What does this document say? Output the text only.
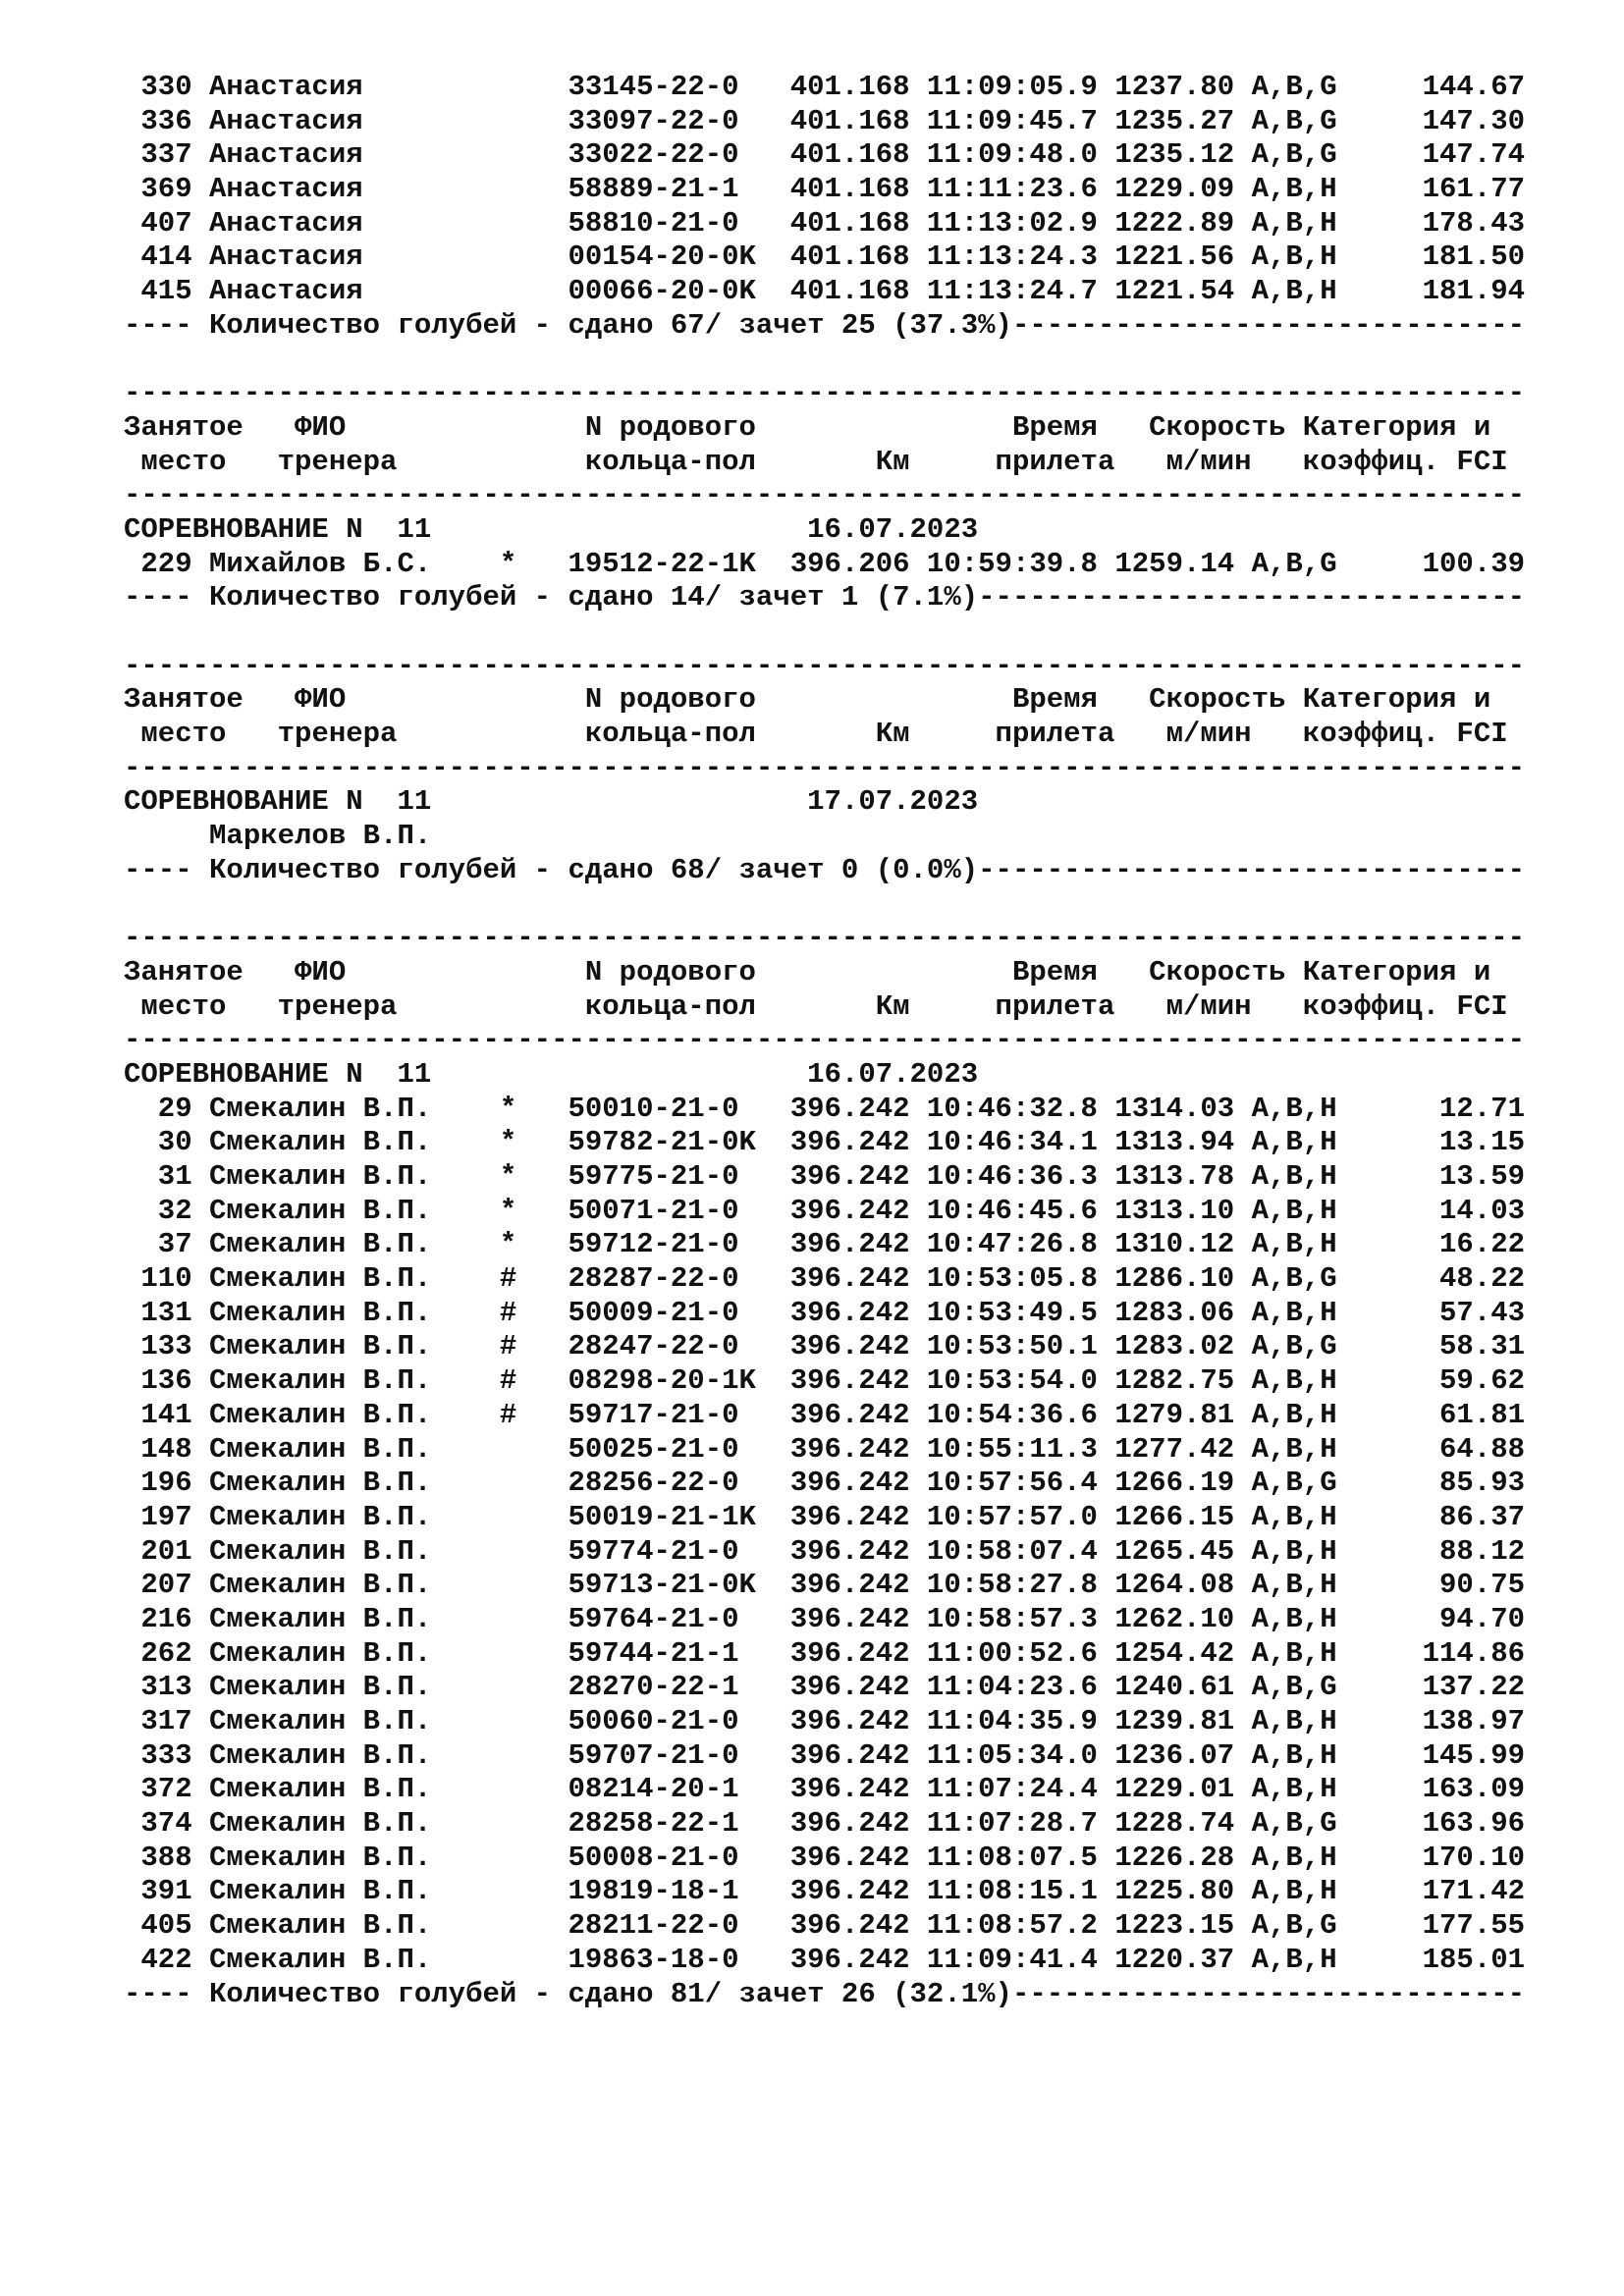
330 Анастасия            33145-22-0   401.168 11:09:05.9 1237.80 A,B,G     144.67
336 Анастасия            33097-22-0   401.168 11:09:45.7 1235.27 A,B,G     147.30
337 Анастасия            33022-22-0   401.168 11:09:48.0 1235.12 A,B,G     147.74
369 Анастасия            58889-21-1   401.168 11:11:23.6 1229.09 A,B,H     161.77
407 Анастасия            58810-21-0   401.168 11:13:02.9 1222.89 A,B,H     178.43
414 Анастасия            00154-20-0K  401.168 11:13:24.3 1221.56 A,B,H     181.50
415 Анастасия            00066-20-0K  401.168 11:13:24.7 1221.54 A,B,H     181.94
---- Количество голубей - сдано 67/ зачет 25 (37.3%)------------------------------
----------------------------------------------------------------------------------
Занятое   ФИО              N родового               Время   Скорость Категория и
место   тренера           кольца-пол       Км     прилета   м/мин   коэффиц. FCI
----------------------------------------------------------------------------------
СОРЕВНОВАНИЕ N  11                      16.07.2023
229 Михайлов Б.С.    *   19512-22-1K  396.206 10:59:39.8 1259.14 A,B,G     100.39
---- Количество голубей - сдано 14/ зачет 1 (7.1%)--------------------------------
----------------------------------------------------------------------------------
Занятое   ФИО              N родового               Время   Скорость Категория и
место   тренера           кольца-пол       Км     прилета   м/мин   коэффиц. FCI
----------------------------------------------------------------------------------
СОРЕВНОВАНИЕ N  11                      17.07.2023
Маркелов В.П.
---- Количество голубей - сдано 68/ зачет 0 (0.0%)--------------------------------
----------------------------------------------------------------------------------
Занятое   ФИО              N родового               Время   Скорость Категория и
место   тренера           кольца-пол       Км     прилета   м/мин   коэффиц. FCI
----------------------------------------------------------------------------------
СОРЕВНОВАНИЕ N  11                      16.07.2023
29 Смекалин В.П.    *   50010-21-0   396.242 10:46:32.8 1314.03 A,B,H      12.71
30 Смекалин В.П.    *   59782-21-0K  396.242 10:46:34.1 1313.94 A,B,H      13.15
31 Смекалин В.П.    *   59775-21-0   396.242 10:46:36.3 1313.78 A,B,H      13.59
32 Смекалин В.П.    *   50071-21-0   396.242 10:46:45.6 1313.10 A,B,H      14.03
37 Смекалин В.П.    *   59712-21-0   396.242 10:47:26.8 1310.12 A,B,H      16.22
110 Смекалин В.П.    #   28287-22-0   396.242 10:53:05.8 1286.10 A,B,G      48.22
131 Смекалин В.П.    #   50009-21-0   396.242 10:53:49.5 1283.06 A,B,H      57.43
133 Смекалин В.П.    #   28247-22-0   396.242 10:53:50.1 1283.02 A,B,G      58.31
136 Смекалин В.П.    #   08298-20-1K  396.242 10:53:54.0 1282.75 A,B,H      59.62
141 Смекалин В.П.    #   59717-21-0   396.242 10:54:36.6 1279.81 A,B,H      61.81
148 Смекалин В.П.        50025-21-0   396.242 10:55:11.3 1277.42 A,B,H      64.88
196 Смекалин В.П.        28256-22-0   396.242 10:57:56.4 1266.19 A,B,G      85.93
197 Смекалин В.П.        50019-21-1K  396.242 10:57:57.0 1266.15 A,B,H      86.37
201 Смекалин В.П.        59774-21-0   396.242 10:58:07.4 1265.45 A,B,H      88.12
207 Смекалин В.П.        59713-21-0K  396.242 10:58:27.8 1264.08 A,B,H      90.75
216 Смекалин В.П.        59764-21-0   396.242 10:58:57.3 1262.10 A,B,H      94.70
262 Смекалин В.П.        59744-21-1   396.242 11:00:52.6 1254.42 A,B,H     114.86
313 Смекалин В.П.        28270-22-1   396.242 11:04:23.6 1240.61 A,B,G     137.22
317 Смекалин В.П.        50060-21-0   396.242 11:04:35.9 1239.81 A,B,H     138.97
333 Смекалин В.П.        59707-21-0   396.242 11:05:34.0 1236.07 A,B,H     145.99
372 Смекалин В.П.        08214-20-1   396.242 11:07:24.4 1229.01 A,B,H     163.09
374 Смекалин В.П.        28258-22-1   396.242 11:07:28.7 1228.74 A,B,G     163.96
388 Смекалин В.П.        50008-21-0   396.242 11:08:07.5 1226.28 A,B,H     170.10
391 Смекалин В.П.        19819-18-1   396.242 11:08:15.1 1225.80 A,B,H     171.42
405 Смекалин В.П.        28211-22-0   396.242 11:08:57.2 1223.15 A,B,G     177.55
422 Смекалин В.П.        19863-18-0   396.242 11:09:41.4 1220.37 A,B,H     185.01
---- Количество голубей - сдано 81/ зачет 26 (32.1%)------------------------------
